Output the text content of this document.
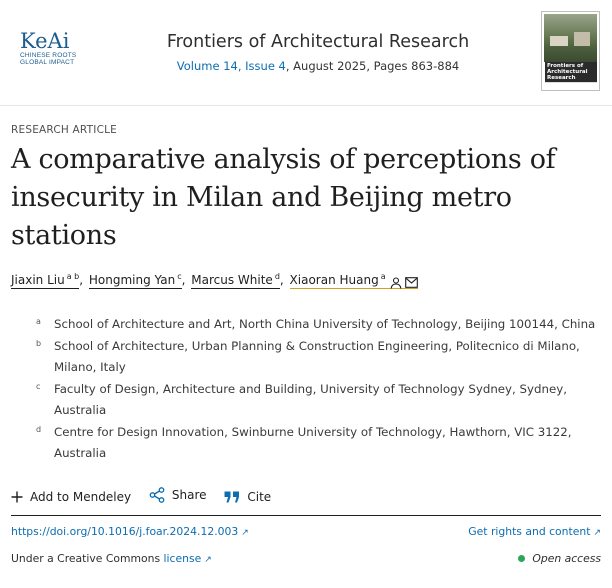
KeAi
CHINESE ROOTS
GLOBAL IMPACT
Frontiers of Architectural Research
Volume 14, Issue 4, August 2025, Pages 863-884	Frontiers of Architectural Research
RESEARCH ARTICLE
A comparative analysis of perceptions of insecurity in Milan and Beijing metro stations
Jiaxin Liu $^{a b}$, Hongming Yan $^c$, Marcus White $^d$, Xiaoran Huang $^a$
a School of Architecture and Art, North China University of Technology, Beijing 100144, China
b School of Architecture, Urban Planning & Construction Engineering, Politecnico di Milano, Milano, Italy
c Faculty of Design, Architecture and Building, University of Technology Sydney, Sydney, Australia
d Centre for Design Innovation, Swinburne University of Technology, Hawthorn, VIC 3122, Australia
Add to Mendeley
	Share
	Cite
https://doi.org/10.1016/j.foar.2024.12.003 ↗	Get rights and content ↗
Under a Creative Commons license ↗	Open access
